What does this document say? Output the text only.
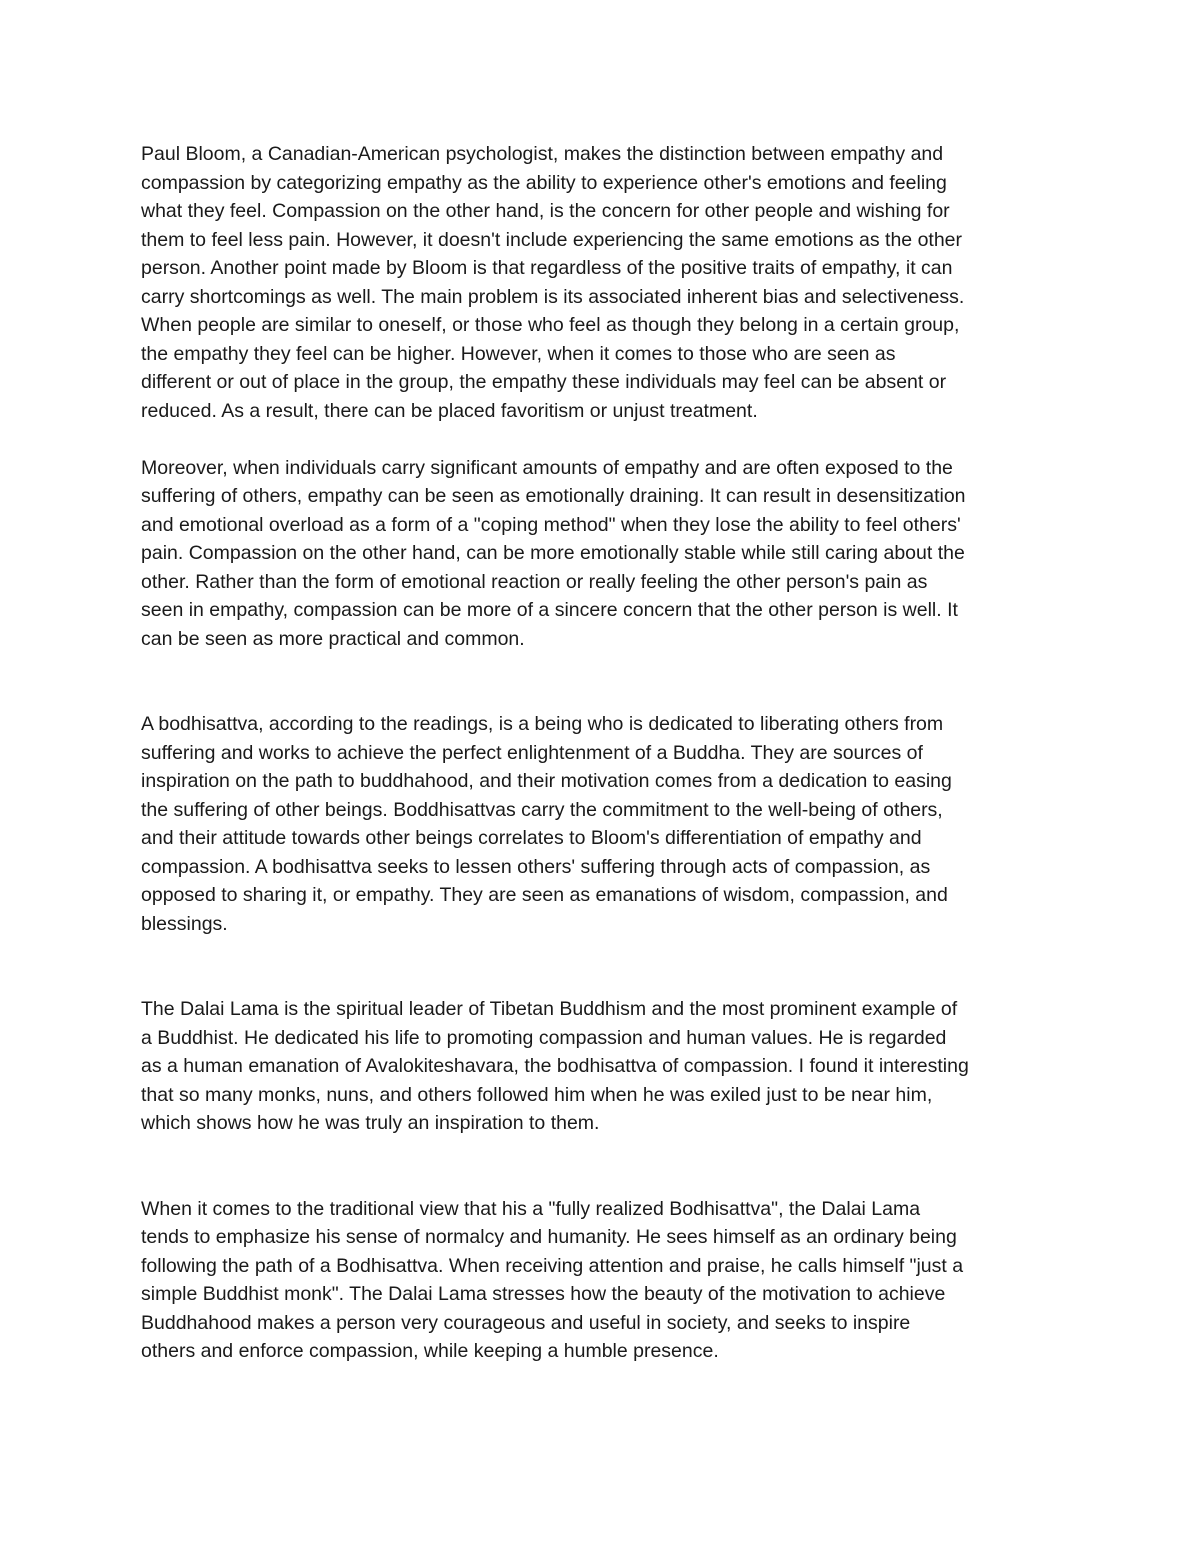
Paul Bloom, a Canadian-American psychologist, makes the distinction between empathy and
compassion by categorizing empathy as the ability to experience other's emotions and feeling
what they feel. Compassion on the other hand, is the concern for other people and wishing for
them to feel less pain. However, it doesn't include experiencing the same emotions as the other
person. Another point made by Bloom is that regardless of the positive traits of empathy, it can
carry shortcomings as well. The main problem is its associated inherent bias and selectiveness.
When people are similar to oneself, or those who feel as though they belong in a certain group,
the empathy they feel can be higher. However, when it comes to those who are seen as
different or out of place in the group, the empathy these individuals may feel can be absent or
reduced. As a result, there can be placed favoritism or unjust treatment.

Moreover, when individuals carry significant amounts of empathy and are often exposed to the
suffering of others, empathy can be seen as emotionally draining. It can result in desensitization
and emotional overload as a form of a "coping method" when they lose the ability to feel others'
pain. Compassion on the other hand, can be more emotionally stable while still caring about the
other. Rather than the form of emotional reaction or really feeling the other person's pain as
seen in empathy, compassion can be more of a sincere concern that the other person is well. It
can be seen as more practical and common.

A bodhisattva, according to the readings, is a being who is dedicated to liberating others from
suffering and works to achieve the perfect enlightenment of a Buddha. They are sources of
inspiration on the path to buddhahood, and their motivation comes from a dedication to easing
the suffering of other beings. Boddhisattvas carry the commitment to the well-being of others,
and their attitude towards other beings correlates to Bloom's differentiation of empathy and
compassion. A bodhisattva seeks to lessen others' suffering through acts of compassion, as
opposed to sharing it, or empathy. They are seen as emanations of wisdom, compassion, and
blessings.

The Dalai Lama is the spiritual leader of Tibetan Buddhism and the most prominent example of
a Buddhist. He dedicated his life to promoting compassion and human values. He is regarded
as a human emanation of Avalokiteshavara, the bodhisattva of compassion. I found it interesting
that so many monks, nuns, and others followed him when he was exiled just to be near him,
which shows how he was truly an inspiration to them.

When it comes to the traditional view that his a "fully realized Bodhisattva", the Dalai Lama
tends to emphasize his sense of normalcy and humanity. He sees himself as an ordinary being
following the path of a Bodhisattva. When receiving attention and praise, he calls himself "just a
simple Buddhist monk". The Dalai Lama stresses how the beauty of the motivation to achieve
Buddhahood makes a person very courageous and useful in society, and seeks to inspire
others and enforce compassion, while keeping a humble presence.
